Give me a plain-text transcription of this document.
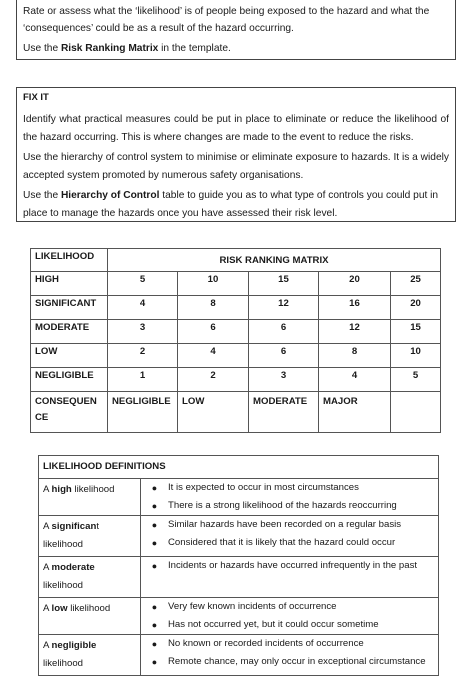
Rate or assess what the ‘likelihood’ is of people being exposed to the hazard and what the

‘consequences’ could be as a result of the hazard occurring.

Use the Risk Ranking Matrix in the template.

FIX IT

Identify what practical measures could be put in place to eliminate or reduce the likelihood of the hazard occurring. This is where changes are made to the event to reduce the risks.

Use the hierarchy of control system to minimise or eliminate exposure to hazards. It is a widely accepted system promoted by numerous safety organisations.

Use the Hierarchy of Control table to guide you as to what type of controls you could put in place to manage the hazards once you have assessed their risk level.

LIKELIHOOD	RISK RANKING MATRIX				
HIGH	5	10	15	20	25
SIGNIFICANT	4	8	12	16	20
MODERATE	3	6	6	12	15
LOW	2	4	6	8	10
NEGLIGIBLE	1	2	3	4	5
CONSEQUEN
CE	NEGLIGIBLE	LOW	MODERATE	MAJOR	
LIKELIHOOD DEFINITIONS	
A high likelihood	● It is expected to occur in most circumstances
● There is a strong likelihood of the hazards reoccurring

A significant likelihood	● Similar hazards have been recorded on a regular basis
● Considered that it is likely that the hazard could occur

A moderate likelihood	● Incidents or hazards have occurred infrequently in the past

A low likelihood	● Very few known incidents of occurrence
● Has not occurred yet, but it could occur sometime

A negligible likelihood	● No known or recorded incidents of occurrence
● Remote chance, may only occur in exceptional circumstance
